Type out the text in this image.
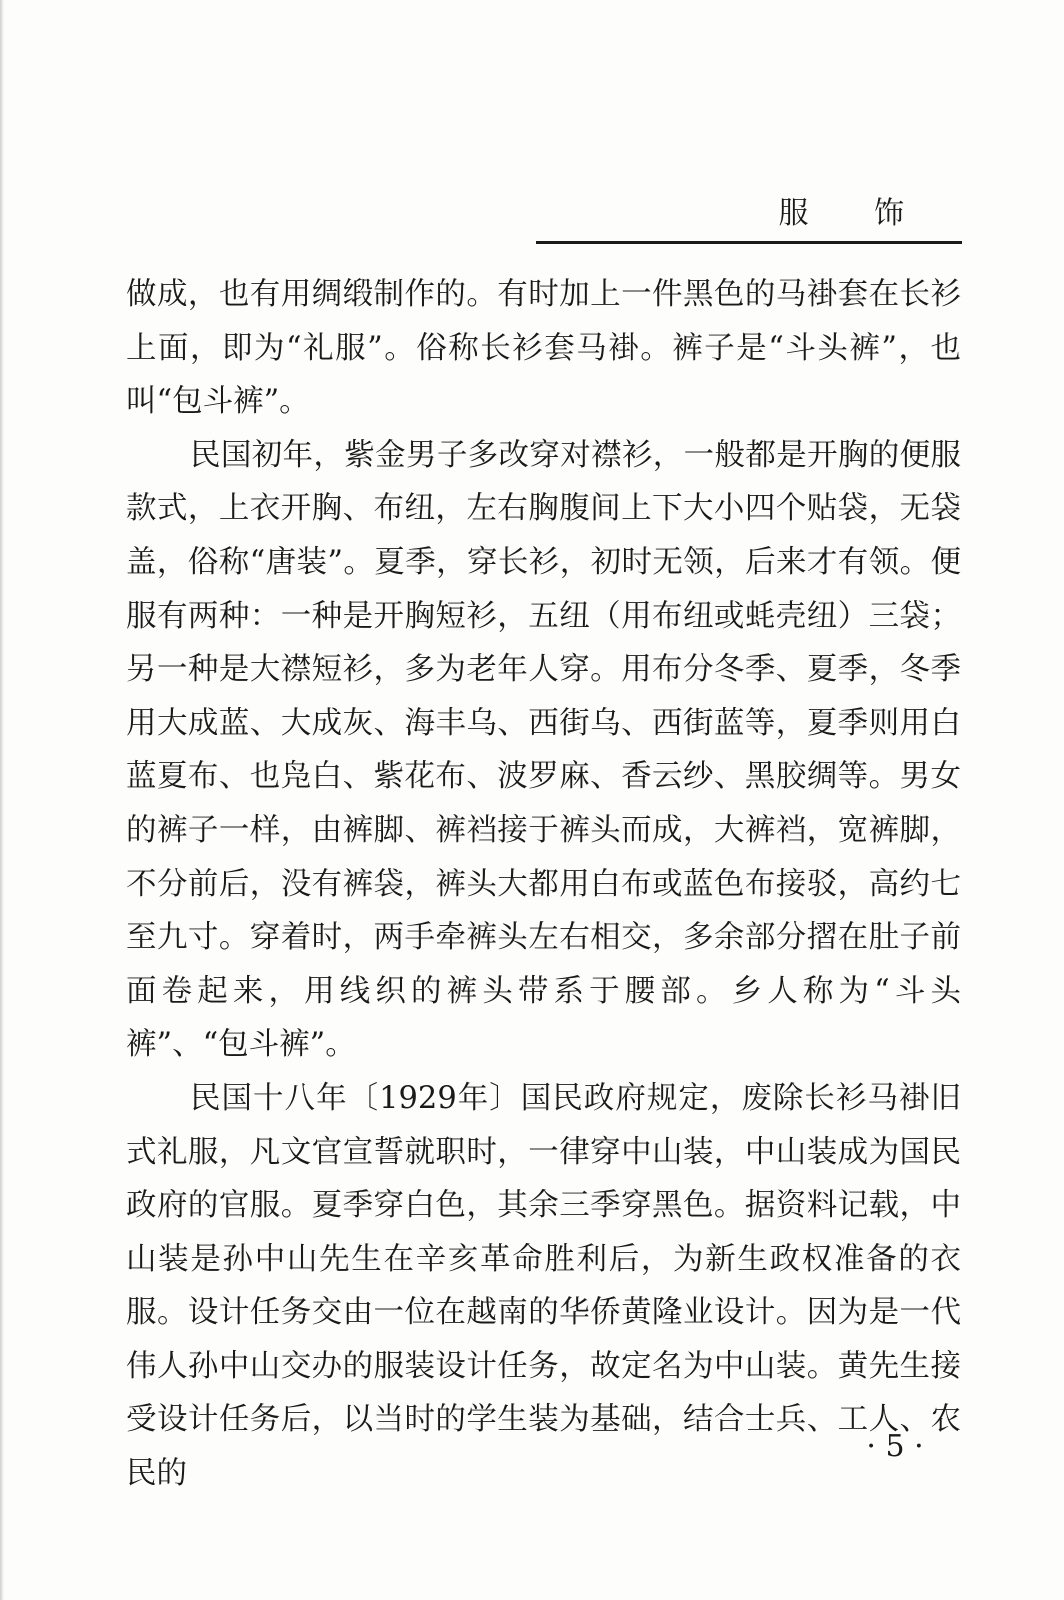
服 饰

做成，也有用绸缎制作的。有时加上一件黑色的马褂套在长衫上面，即为“礼服”。俗称长衫套马褂。裤子是“斗头裤”，也叫“包斗裤”。

民国初年，紫金男子多改穿对襟衫，一般都是开胸的便服款式，上衣开胸、布纽，左右胸腹间上下大小四个贴袋，无袋盖，俗称“唐装”。夏季，穿长衫，初时无领，后来才有领。便服有两种：一种是开胸短衫，五纽（用布纽或蚝壳纽）三袋；另一种是大襟短衫，多为老年人穿。用布分冬季、夏季，冬季用大成蓝、大成灰、海丰乌、西街乌、西街蓝等，夏季则用白蓝夏布、也凫白、紫花布、波罗麻、香云纱、黑胶绸等。男女的裤子一样，由裤脚、裤裆接于裤头而成，大裤裆，宽裤脚，不分前后，没有裤袋，裤头大都用白布或蓝色布接驳，高约七至九寸。穿着时，两手牵裤头左右相交，多余部分摺在肚子前面卷起来，用线织的裤头带系于腰部。乡人称为“斗头裤”、“包斗裤”。

民国十八年〔1929年〕国民政府规定，废除长衫马褂旧式礼服，凡文官宣誓就职时，一律穿中山装，中山装成为国民政府的官服。夏季穿白色，其余三季穿黑色。据资料记载，中山装是孙中山先生在辛亥革命胜利后，为新生政权准备的衣服。设计任务交由一位在越南的华侨黄隆业设计。因为是一代伟人孙中山交办的服装设计任务，故定名为中山装。黄先生接受设计任务后，以当时的学生装为基础，结合士兵、工人、农民的

· 5 ·
